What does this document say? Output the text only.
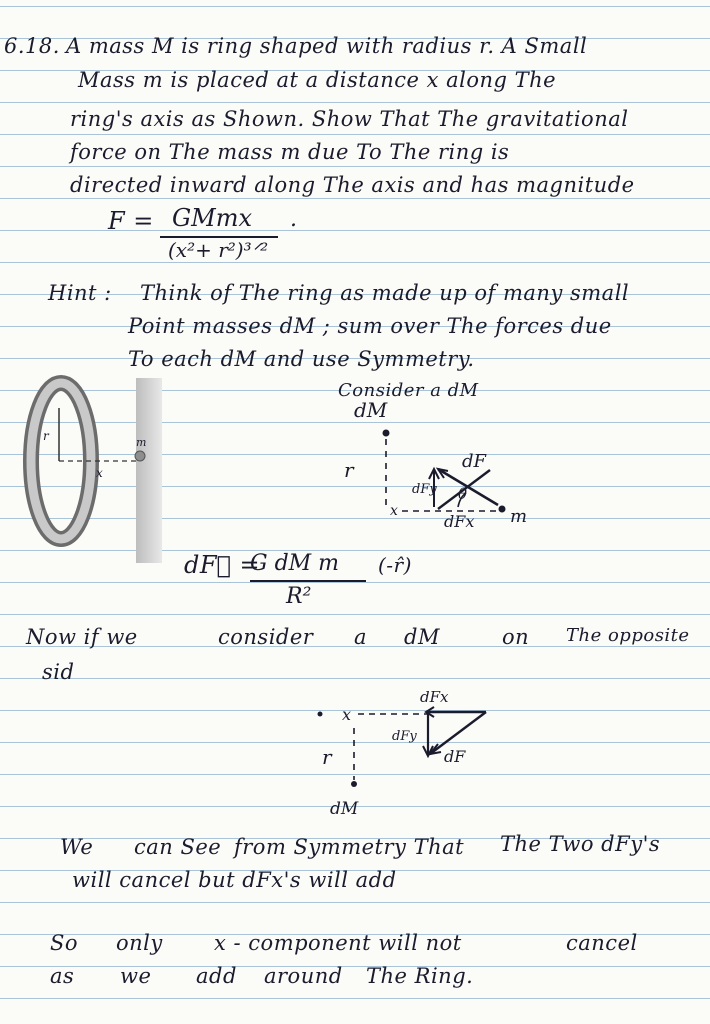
6.18. A mass M is ring shaped with radius r. A Small

Mass m is placed at a distance x along The

ring's axis as Shown. Show That The gravitational

force on The mass m due To The ring is

directed inward along The axis and has magnitude

F = GMmx
(x²+ r²)³ᐟ²
.

Hint : Think of The ring as made up of many small

Point masses dM ; sum over The forces due

To each dM and use Symmetry.

r	m
x

Consider a dM

dM
r
x	m
θ
dF
dFy
dFx
dF⃗ =
G dM m (-r̂)
R²

Now if we	consider a dM	on The opposite

sid

x
dFx
dFy
dF
r
dM

We can See from Symmetry That The Two dFy's

will cancel but dFx's will add

So only x - component will not	cancel

as we add around The Ring.
